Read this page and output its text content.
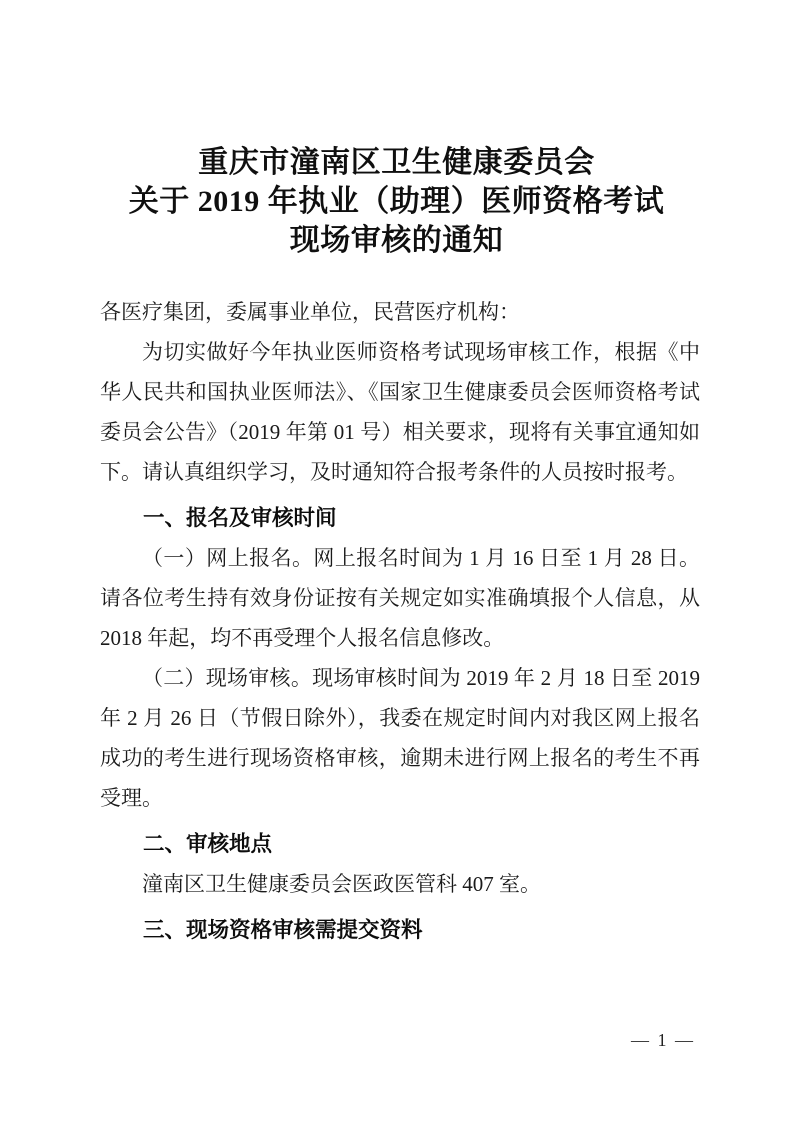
重庆市潼南区卫生健康委员会
关于 2019 年执业（助理）医师资格考试
现场审核的通知

各医疗集团，委属事业单位，民营医疗机构：

为切实做好今年执业医师资格考试现场审核工作，根据《中华人民共和国执业医师法》、《国家卫生健康委员会医师资格考试委员会公告》（2019 年第 01 号）相关要求，现将有关事宜通知如下。请认真组织学习，及时通知符合报考条件的人员按时报考。

一、报名及审核时间

（一）网上报名。网上报名时间为 1 月 16 日至 1 月 28 日。请各位考生持有效身份证按有关规定如实准确填报个人信息，从 2018 年起，均不再受理个人报名信息修改。

（二）现场审核。现场审核时间为 2019 年 2 月 18 日至 2019 年 2 月 26 日（节假日除外），我委在规定时间内对我区网上报名成功的考生进行现场资格审核，逾期未进行网上报名的考生不再受理。

二、审核地点

潼南区卫生健康委员会医政医管科 407 室。

三、现场资格审核需提交资料

— 1 —
